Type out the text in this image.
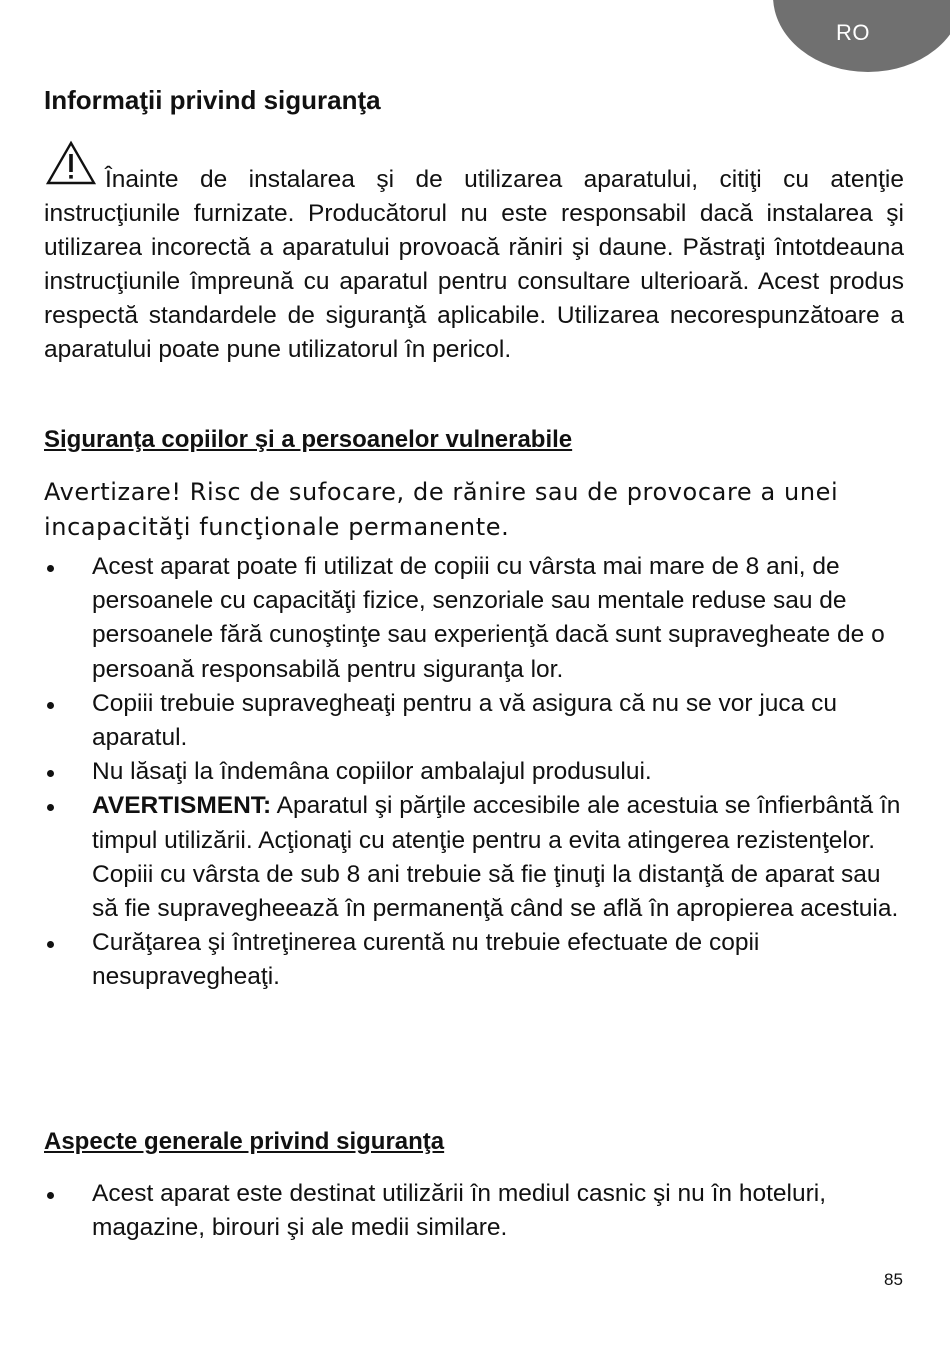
RO
Informaţii privind siguranţa

Înainte de instalarea şi de utilizarea aparatului, citiţi cu atenţie instrucţiunile furnizate. Producătorul nu este responsabil dacă instalarea şi utilizarea incorectă a aparatului provoacă răniri şi daune. Păstraţi întotdeauna instrucţiunile împreună cu aparatul pentru consultare ulterioară. Acest produs respectă standardele de siguranţă aplicabile. Utilizarea necorespunzătoare a aparatului poate pune utilizatorul în pericol.

Siguranţa copiilor şi a persoanelor vulnerabile

Avertizare! Risc de sufocare, de rănire sau de provocare a unei incapacităţi funcţionale permanente.

Acest aparat poate fi utilizat de copiii cu vârsta mai mare de 8 ani, de persoanele cu capacităţi fizice, senzoriale sau mentale reduse sau de persoanele fără cunoştinţe sau experienţă dacă sunt supravegheate de o persoană responsabilă pentru siguranţa lor.
Copiii trebuie supravegheaţi pentru a vă asigura că nu se vor juca cu aparatul.
Nu lăsaţi la îndemâna copiilor ambalajul produsului.
AVERTISMENT: Aparatul şi părţile accesibile ale acestuia se înfierbântă în timpul utilizării. Acţionaţi cu atenţie pentru a evita atingerea rezistenţelor. Copiii cu vârsta de sub 8 ani trebuie să fie ţinuţi la distanţă de aparat sau să fie supravegheează în permanenţă când se află în apropierea acestuia.
Curăţarea şi întreţinerea curentă nu trebuie efectuate de copii nesupravegheaţi.
Aspecte generale privind siguranţa
Acest aparat este destinat utilizării în mediul casnic şi nu în hoteluri, magazine, birouri şi ale medii similare.
85
